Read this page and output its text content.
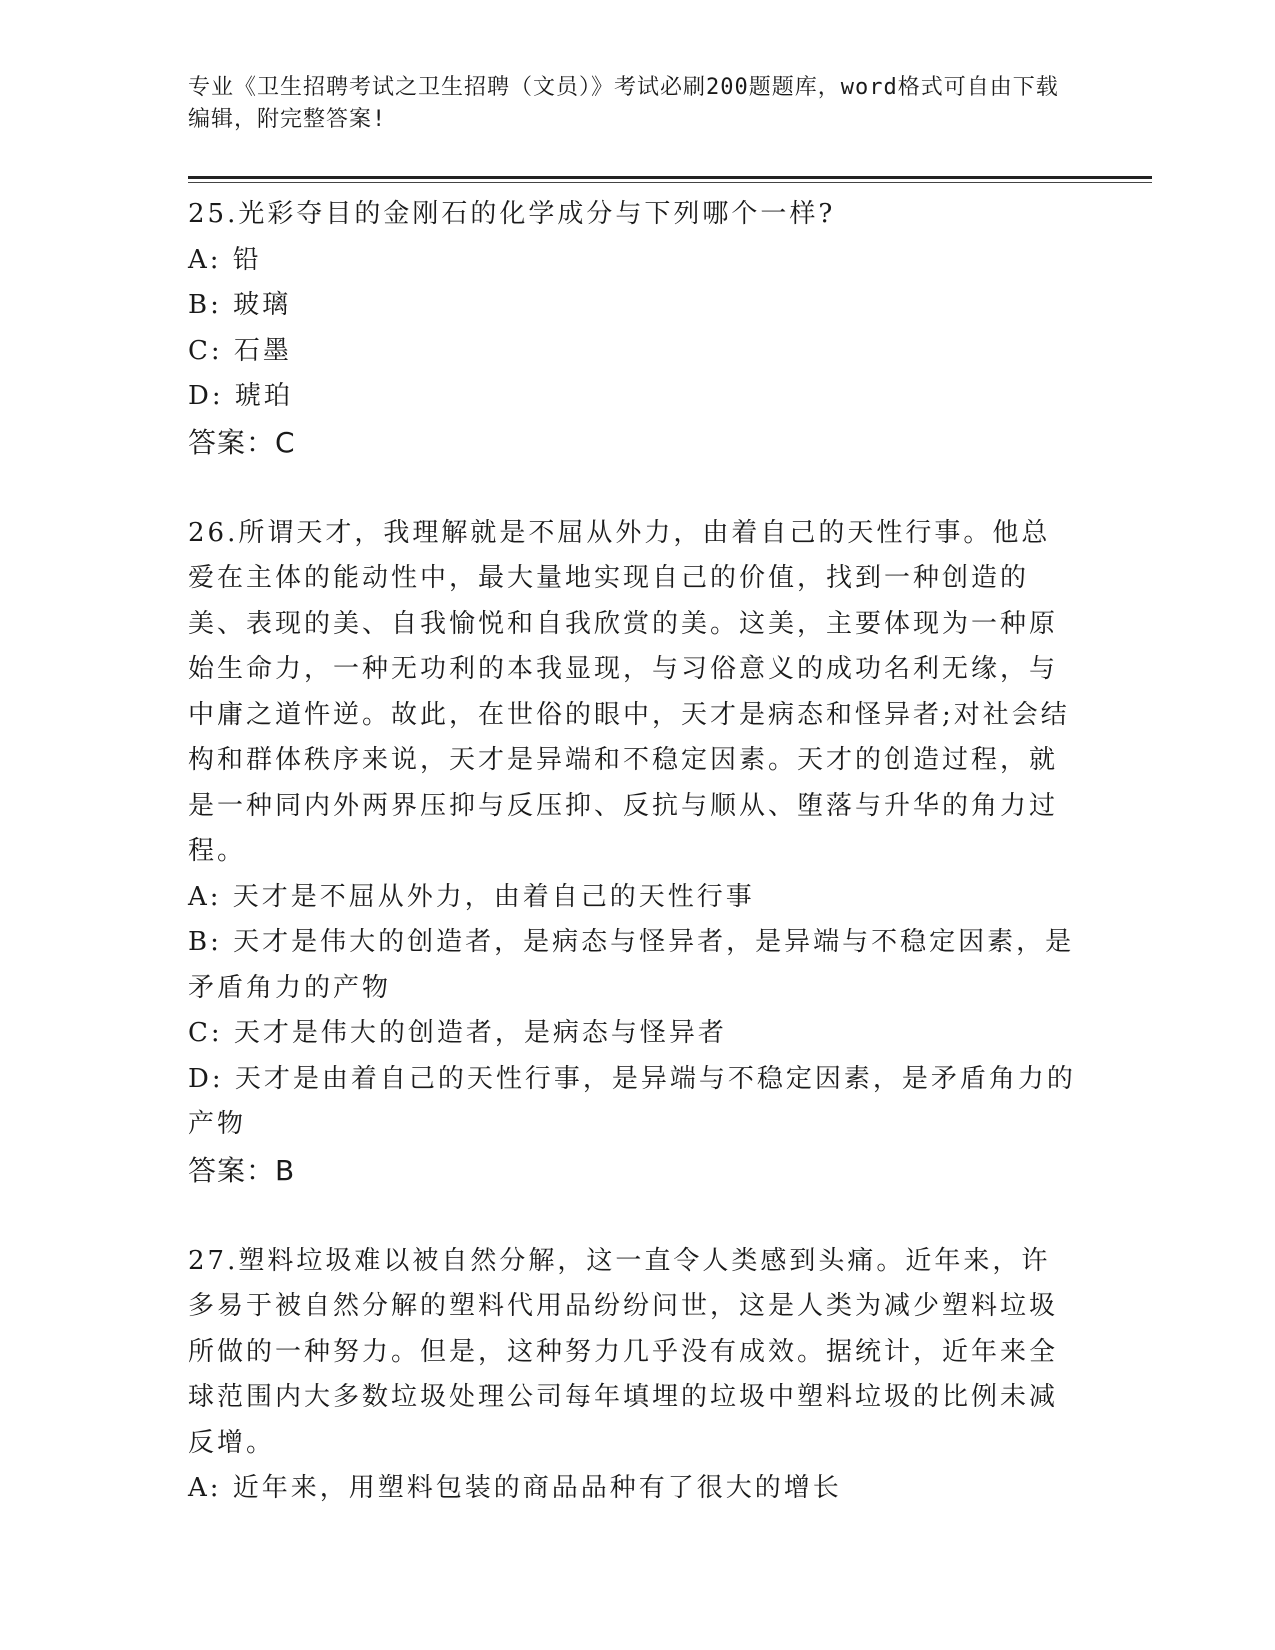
专业《卫生招聘考试之卫生招聘（文员）》考试必刷200题题库，word格式可自由下载编辑，附完整答案!

25.光彩夺目的金刚石的化学成分与下列哪个一样?

A: 铅

B: 玻璃

C: 石墨

D: 琥珀

答案：C

26.所谓天才，我理解就是不屈从外力，由着自己的天性行事。他总爱在主体的能动性中，最大量地实现自己的价值，找到一种创造的美、表现的美、自我愉悦和自我欣赏的美。这美，主要体现为一种原始生命力，一种无功利的本我显现，与习俗意义的成功名利无缘，与中庸之道忤逆。故此，在世俗的眼中，天才是病态和怪异者;对社会结构和群体秩序来说，天才是异端和不稳定因素。天才的创造过程，就是一种同内外两界压抑与反压抑、反抗与顺从、堕落与升华的角力过程。

A: 天才是不屈从外力，由着自己的天性行事

B: 天才是伟大的创造者，是病态与怪异者，是异端与不稳定因素，是矛盾角力的产物

C: 天才是伟大的创造者，是病态与怪异者

D: 天才是由着自己的天性行事，是异端与不稳定因素，是矛盾角力的产物

答案：B

27.塑料垃圾难以被自然分解，这一直令人类感到头痛。近年来，许多易于被自然分解的塑料代用品纷纷问世，这是人类为减少塑料垃圾所做的一种努力。但是，这种努力几乎没有成效。据统计，近年来全球范围内大多数垃圾处理公司每年填埋的垃圾中塑料垃圾的比例未减反增。

A: 近年来，用塑料包装的商品品种有了很大的增长
